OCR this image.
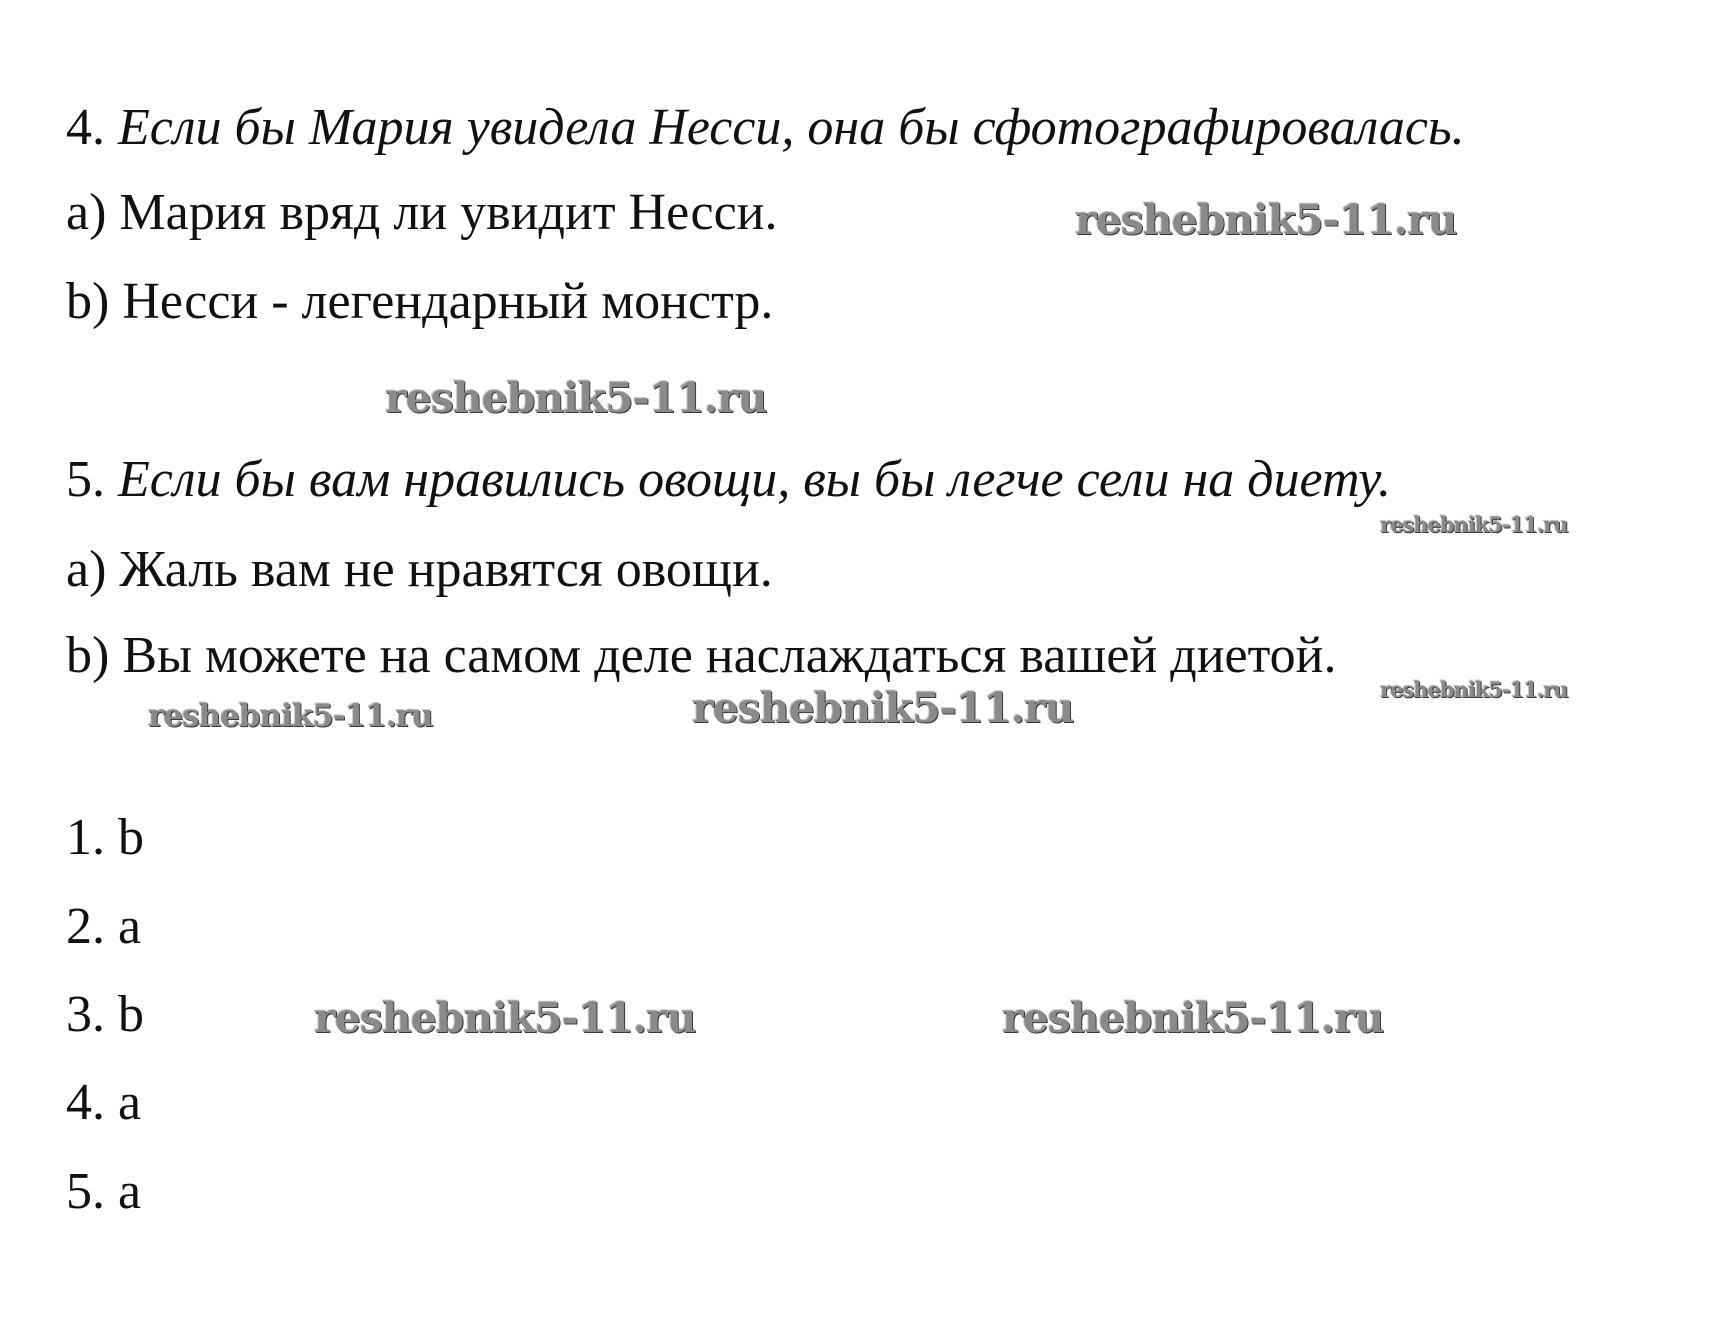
4. Если бы Мария увидела Несси, она бы сфотографировалась.
а) Мария вряд ли увидит Несси.
b) Несси - легендарный монстр.
5. Если бы вам нравились овощи, вы бы легче сели на диету.
а) Жаль вам не нравятся овощи.
b) Вы можете на самом деле наслаждаться вашей диетой.
1. b
2. a
3. b
4. a
5. a
reshebnik5-11.ru
reshebnik5-11.ru
reshebnik5-11.ru
reshebnik5-11.ru	reshebnik5-11.ru	reshebnik5-11.ru
reshebnik5-11.ru	reshebnik5-11.ru
